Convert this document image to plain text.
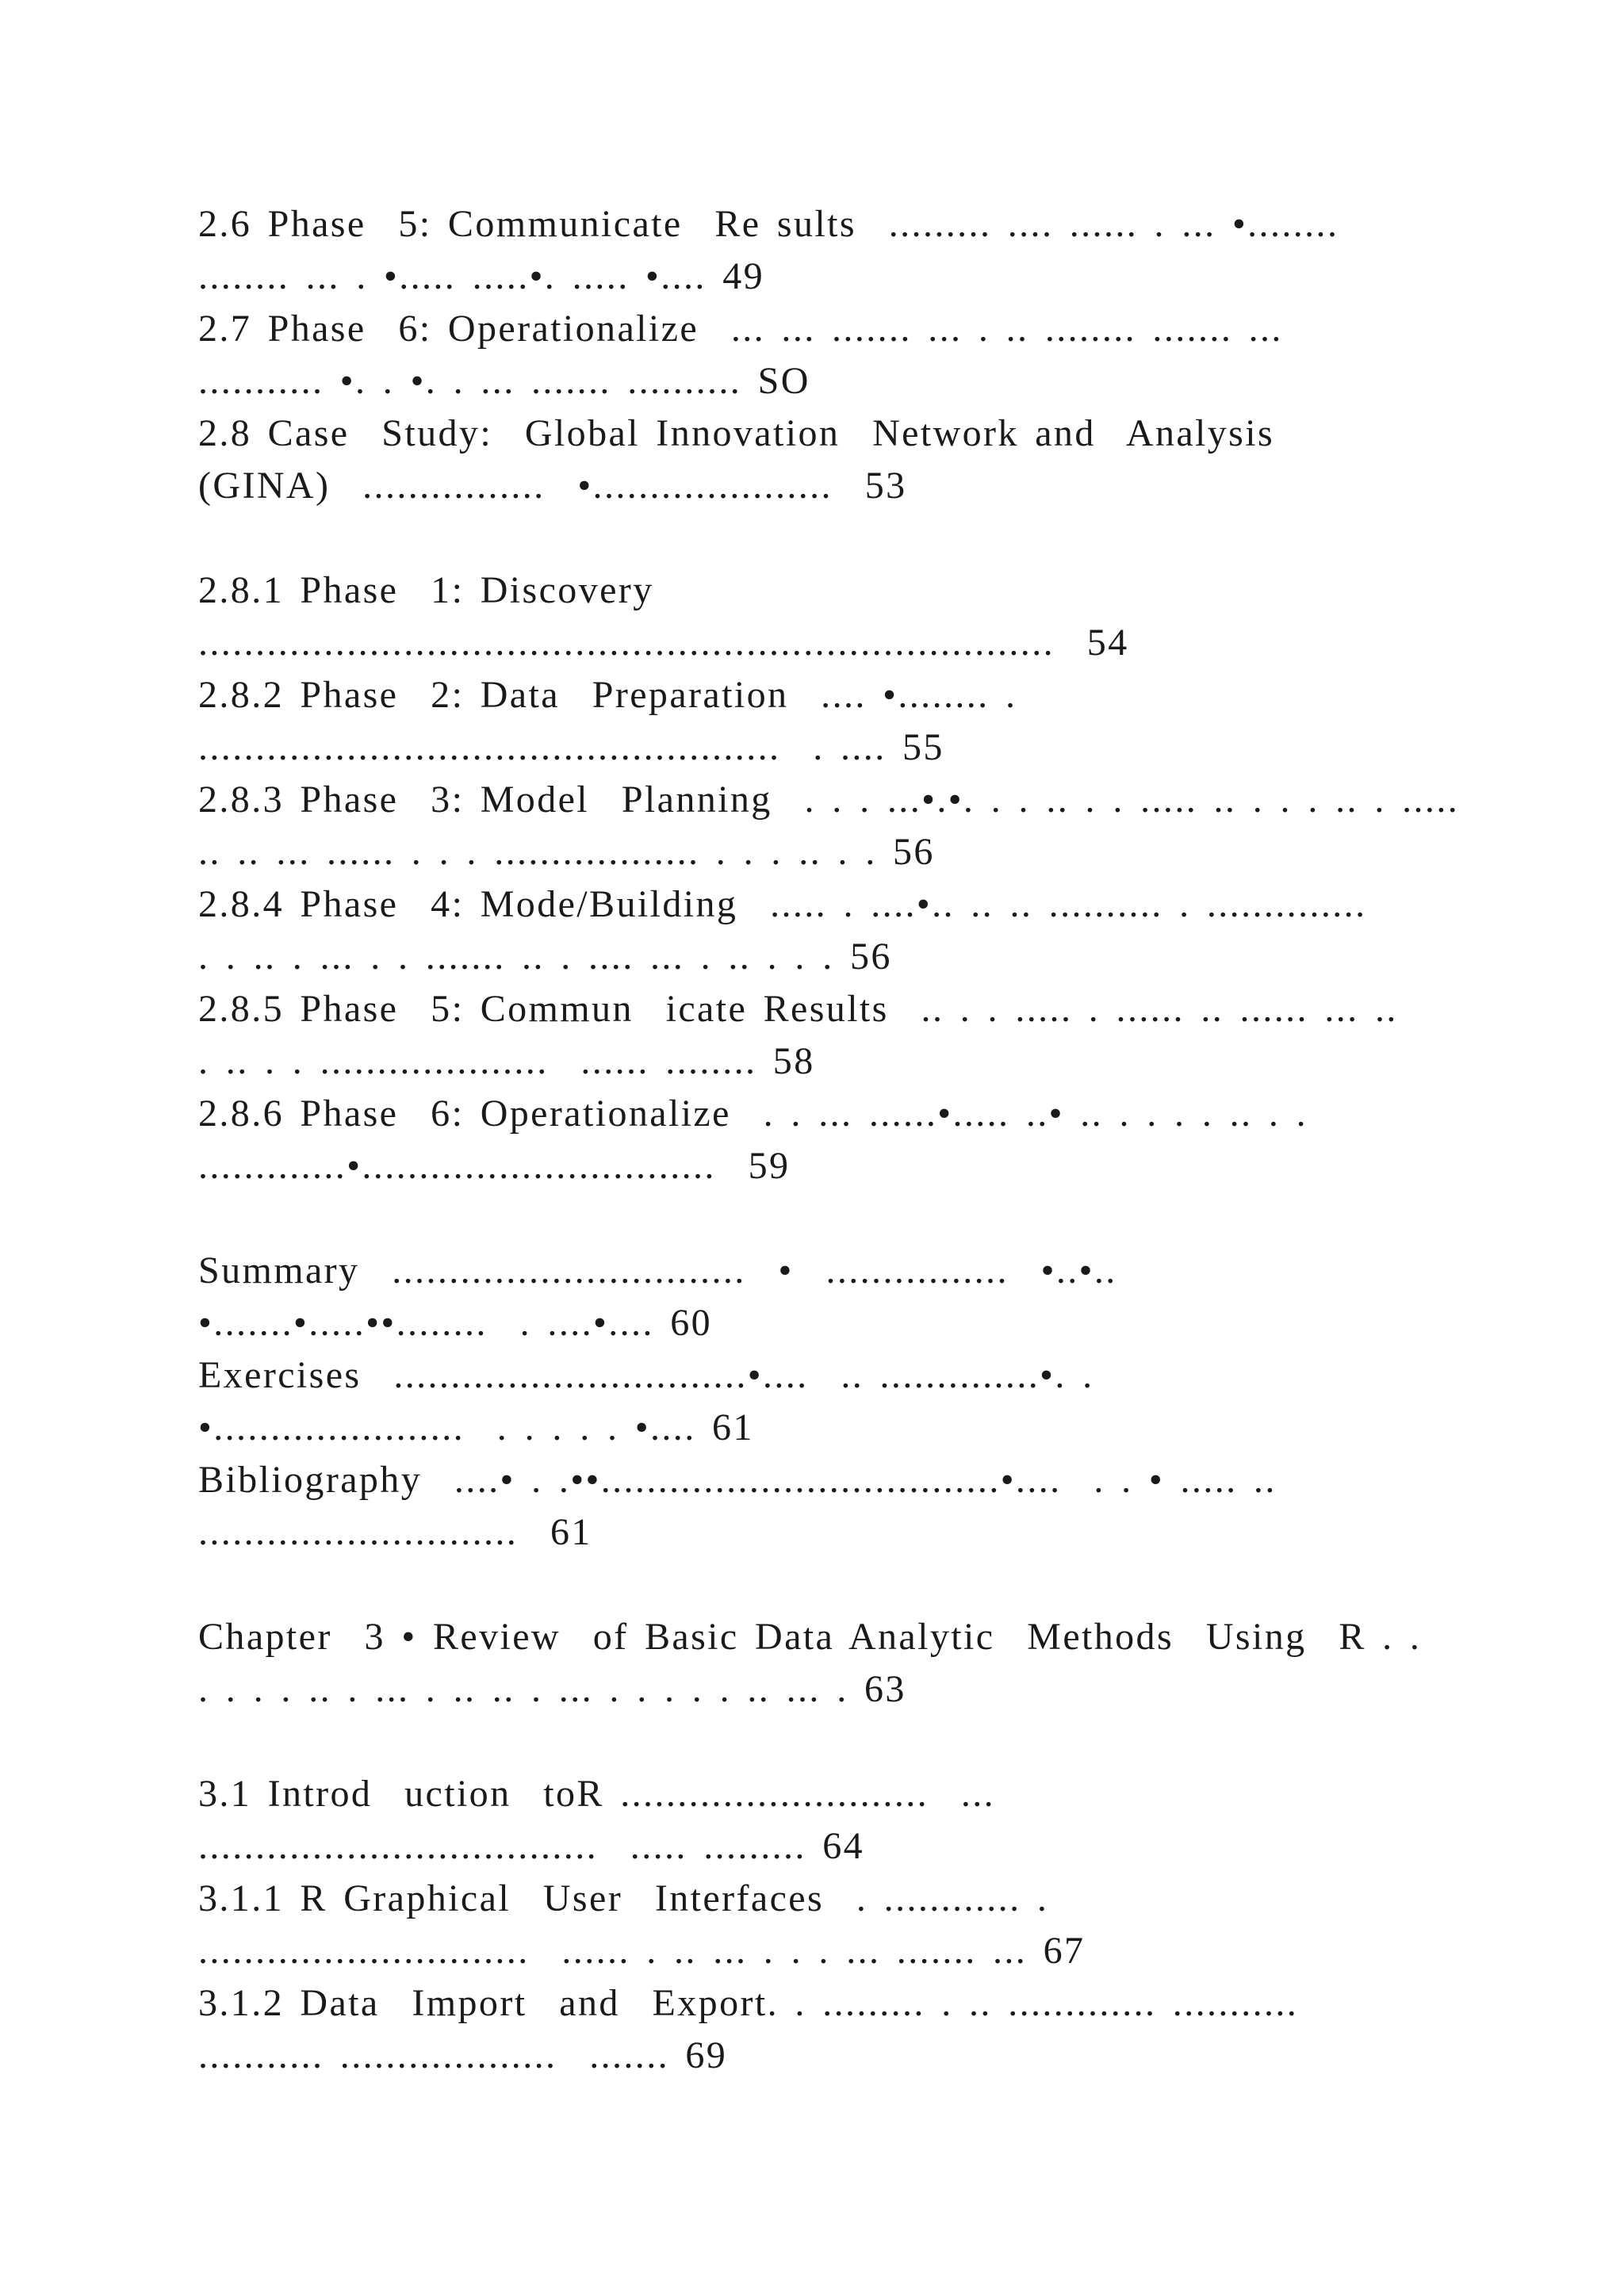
2.6 Phase  5: Communicate  Re sults  ......... .... ...... . ... •........
........ ... . •..... .....•. ..... •.... 49
2.7 Phase  6: Operationalize  ... ... ....... ... . .. ........ ....... ...
........... •. . •. . ... ....... .......... SO
2.8 Case  Study:  Global Innovation  Network and  Analysis
(GINA)  ................  •.....................  53
2.8.1 Phase  1: Discovery
...........................................................................  54
2.8.2 Phase  2: Data  Preparation  .... •........ .
...................................................  . .... 55
2.8.3 Phase  3: Model  Planning  . . . ...•.•. . . .. . . ..... .. . . . .. . .....
.. .. ... ...... . . . .................. . . . .. . . 56
2.8.4 Phase  4: Mode/Building  ..... . ....•.. .. .. .......... . ..............
. . .. . ... . . ....... .. . .... ... . .. . . . 56
2.8.5 Phase  5: Commun  icate Results  .. . . ..... . ...... .. ...... ... ..
. .. . . ....................  ...... ........ 58
2.8.6 Phase  6: Operationalize  . . ... ......•..... ..• .. . . . . .. . .
.............•...............................  59
Summary  ...............................  •  ................  •..•..
•.......•.....••........  . ....•.... 60
Exercises  ...............................•....  .. ..............•. .
•......................  . . . . . •.... 61
Bibliography  ....• . .••...................................•....  . . • ..... ..
............................  61
Chapter  3 • Review  of Basic Data Analytic  Methods  Using  R . .
. . . . .. . ... . .. .. . ... . . . . . .. ... . 63
3.1 Introd  uction  toR ...........................  ...
...................................  ..... ......... 64
3.1.1 R Graphical  User  Interfaces  . ............ .
.............................  ...... . .. ... . . . ... ....... ... 67
3.1.2 Data  Import  and  Export. . ......... . .. ............. ...........
........... ...................  ....... 69
